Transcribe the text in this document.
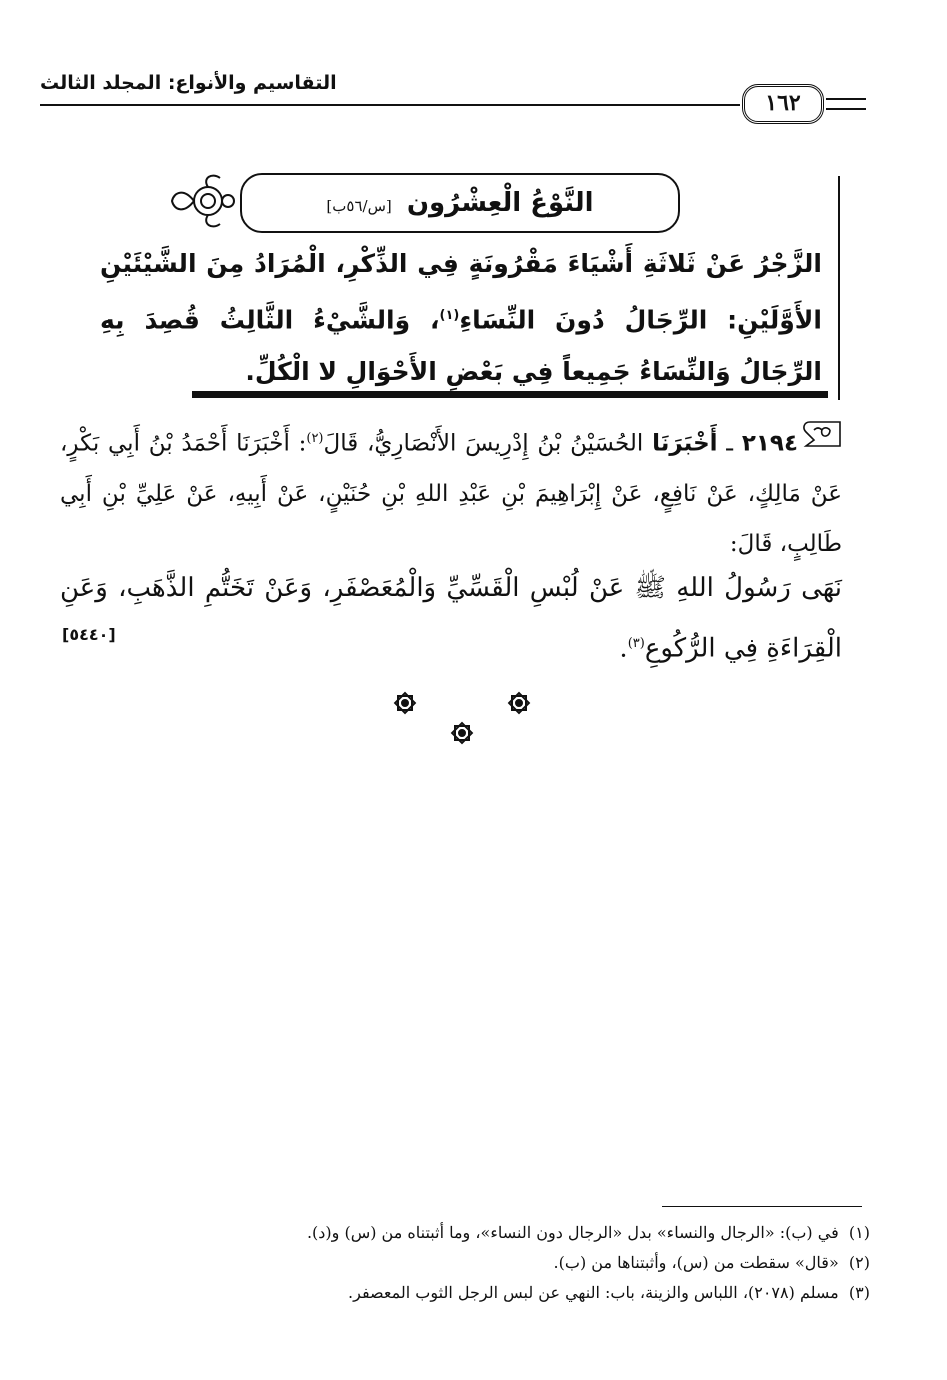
التقاسيم والأنواع: المجلد الثالث
١٦٢
النَّوْعُ الْعِشْرُون [س/٥٦ب]
الزَّجْرُ عَنْ ثَلاثَةِ أَشْيَاءَ مَقْرُونَةٍ فِي الذِّكْرِ، الْمُرَادُ مِنَ الشَّيْئَيْنِ الأَوَّلَيْنِ: الرِّجَالُ دُونَ النِّسَاءِ$^{(١)}$، وَالشَّيْءُ الثَّالِثُ قُصِدَ بِهِ الرِّجَالُ وَالنِّسَاءُ جَمِيعاً فِي بَعْضِ الأَحْوَالِ لا الْكُلِّ.
٢١٩٤ ـ أَخْبَرَنَا الحُسَيْنُ بْنُ إِدْرِيسَ الأَنْصَارِيُّ، قَالَ$^{(٢)}$: أَخْبَرَنَا أَحْمَدُ بْنُ أَبِي بَكْرٍ، عَنْ مَالِكٍ، عَنْ نَافِعٍ، عَنْ إِبْرَاهِيمَ بْنِ عَبْدِ اللهِ بْنِ حُنَيْنٍ، عَنْ أَبِيهِ، عَنْ عَلِيِّ بْنِ أَبِي طَالِبٍ، قَالَ:
نَهَى رَسُولُ اللهِ ﷺ عَنْ لُبْسِ الْقَسِّيِّ وَالْمُعَصْفَرِ، وَعَنْ تَخَتُّمِ الذَّهَبِ، وَعَنِ الْقِرَاءَةِ فِي الرُّكُوعِ$^{(٣)}$.
[٥٤٤٠]
(١)  في (ب): «الرجال والنساء» بدل «الرجال دون النساء»، وما أثبتناه من (س) و(د).
(٢)  «قال» سقطت من (س)، وأثبتناها من (ب).
(٣)  مسلم (٢٠٧٨)، اللباس والزينة، باب: النهي عن لبس الرجل الثوب المعصفر.
